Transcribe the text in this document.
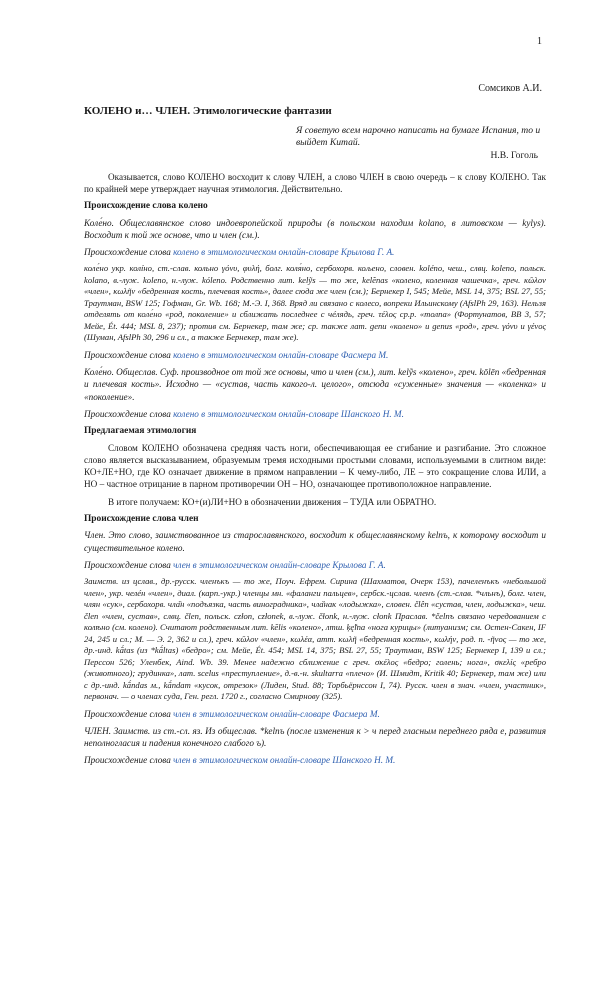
1
Сомсиков А.И.
КОЛЕНО и… ЧЛЕН. Этимологические фантазии
Я советую всем нарочно написать на бумаге Испания, то и выйдет Китай.
Н.В. Гоголь

Оказывается, слово КОЛЕНО восходит к слову ЧЛЕН, а слово ЧЛЕН в свою очередь – к слову КОЛЕНО. Так по крайней мере утверждает научная этимология. Действительно.

Происхождение слова колено

Коле́но. Общеславянское слово индоевропейской природы (в польском находим kolano, в литовском — kylys). Восходит к той же основе, что и член (см.).

Происхождение слова колено в этимологическом онлайн-словаре Крылова Г. А.

коле́но укр. колíно, ст.-слав. кольно γόνυ, φυλή, болг. коля́но, сербохорв. кољено, словен. koléno, чеш., слвц. koleno, польск. kolano, в.-луж. koleno, н.-луж. kóleno. Родственно лит. kelỹs — то же, kelẽnas «колено, коленная чашечка», греч. κῶλον «член», κωλῆν «бедренная кость, плечевая кость», далее сюда же член (см.); Бернекер I, 545; Мейе, MSL 14, 375; BSL 27, 55; Траутман, BSW 125; Гофман, Gr. Wb. 168; М.-Э. I, 368. Вряд ли связано с колесо, вопреки Ильинскому (AfslPh 29, 163). Нельзя отделять от коле́но «род, поколение» и сближать последнее с чéлядь, греч. τέλος ср.р. «толпа» (Фортунатов, ВВ 3, 57; Мейе, Ét. 444; MSL 8, 237); против см. Бернекер, там же; ср. также лат. genu «колено» и genus «род», греч. γόνυ и γένος (Шуман, AfslPh 30, 296 и сл., а также Бернекер, там же).

Происхождение слова колено в этимологическом онлайн-словаре Фасмера М.

Коле́но. Общеслав. Суф. производное от той же основы, что и член (см.), лит. kelỹs «колено», греч. kōlēn «бедренная и плечевая кость». Исходно — «сустав, часть какого-л. целого», отсюда «суженные» значения — «коленка» и «поколение».

Происхождение слова колено в этимологическом онлайн-словаре Шанского Н. М.
Предлагаемая этимология

Словом КОЛЕНО обозначена средняя часть ноги, обеспечивающая ее сгибание и разгибание. Это сложное слово является высказыванием, образуемым тремя исходными простыми словами, используемыми в слитном виде: КО+ЛЕ+НО, где КО означает движение в прямом направлении – К чему-либо, ЛЕ – это сокращение слова ИЛИ, а НО – частное отрицание в парном противоречии ОН – НО, означающее противоположное направление.

В итоге получаем: КО+(и)ЛИ+НО в обозначении движения – ТУДА или ОБРАТНО.

Происхождение слова член

Член. Это слово, заимствованное из старославянского, восходит к общеславянскому kelnъ, к которому восходит и существительное колено.

Происхождение слова член в этимологическом онлайн-словаре Крылова Г. А.

Заимств. из цслав., др.-русск. членъкъ — то же, Поуч. Ефрем. Сирина (Шахматов, Очерк 153), пачеленъкъ «небольшой член», укр. челéн «член», диал. (карп.-укр.) членцы мн. «фаланги пальцев», сербск.-цслав. членъ (ст.-слав. *чльнъ), болг. член, члян «сук», сербохорв. чла̏н «подъязка, часть виноградника», чла̏нак «лодыжка», словен. člên «сустав, член, лодыжка», чеш. člen «член, сустав», слвц. člen, польск. człon, członek, в.-луж. čłonk, н.-луж. cłonk Праслав. *čelnъ связано чередованием с колѣно (см. колено). Считают родственным лит. kẽlis «колено», лтш. ķę̃lna «нога курицы» (литуанизм; см. Остен-Сакен, IF 24, 245 и сл.; М. — Э. 2, 362 и сл.), греч. κῶλον «член», κωλέα, атт. κωλῆ «бедренная кость», κωλήν, род. п. -ῆνος — то же, др.-инд. kā́tas (из *kā́ltas) «бедро»; см. Мейе, Ét. 454; MSL 14, 375; BSL 27, 55; Траутман, BSW 125; Бернекер I, 139 и сл.; Перссон 526; Уленбек, Aind. Wb. 39. Менее надежно сближение с греч. σκέλος «бедро; голень; нога», σκελίς «ребро (животного); грудинка», лат. scelus «преступление», д.-в.-н. skultarra «плечо» (И. Шмидт, Kritik 40; Бернекер, там же) или с др.-инд. kā́ndas м., kā́ndam «кусок, отрезок» (Лиден, Stud. 88; Торбьёрнссон I, 74). Русск. член в знач. «член, участник», первонач. — о членах суда, Ген. регл. 1720 г., согласно Смирнову (325).

Происхождение слова член в этимологическом онлайн-словаре Фасмера М.

ЧЛЕН. Заимств. из ст.-сл. яз. Из общеслав. *kelnъ (после изменения к > ч перед гласным переднего ряда е, развития неполногласия и падения конечного слабого ъ).

Происхождение слова член в этимологическом онлайн-словаре Шанского Н. М.
